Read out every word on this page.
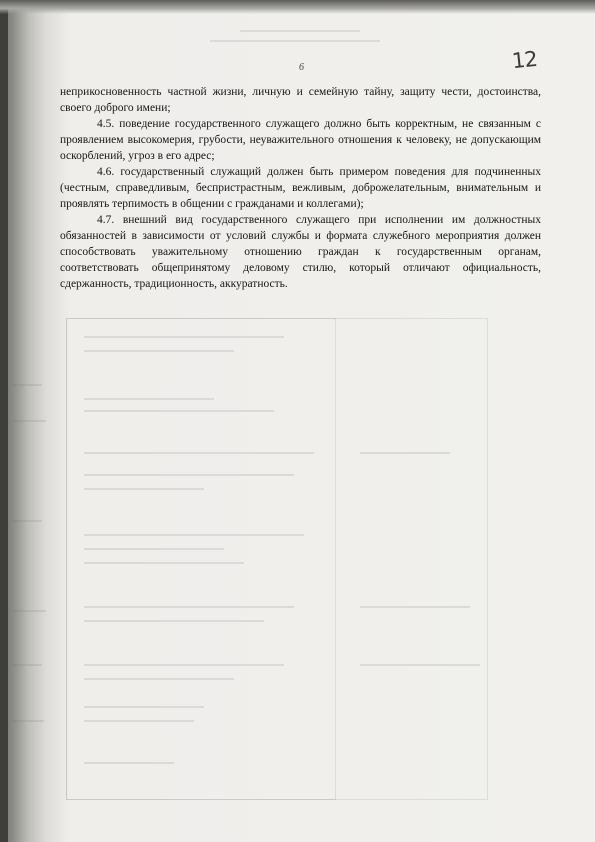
6	12

неприкосновенность частной жизни, личную и семейную тайну, защиту чести, достоинства, своего доброго имени;

4.5. поведение государственного служащего должно быть корректным, не связанным с проявлением высокомерия, грубости, неуважительного отношения к человеку, не допускающим оскорблений, угроз в его адрес;

4.6. государственный служащий должен быть примером поведения для подчиненных (честным, справедливым, беспристрастным, вежливым, доброжелательным, внимательным и проявлять терпимость в общении с гражданами и коллегами);

4.7. внешний вид государственного служащего при исполнении им должностных обязанностей в зависимости от условий службы и формата служебного мероприятия должен способствовать уважительному отношению граждан к государственным органам, соответствовать общепринятому деловому стилю, который отличают официальность, сдержанность, традиционность, аккуратность.
